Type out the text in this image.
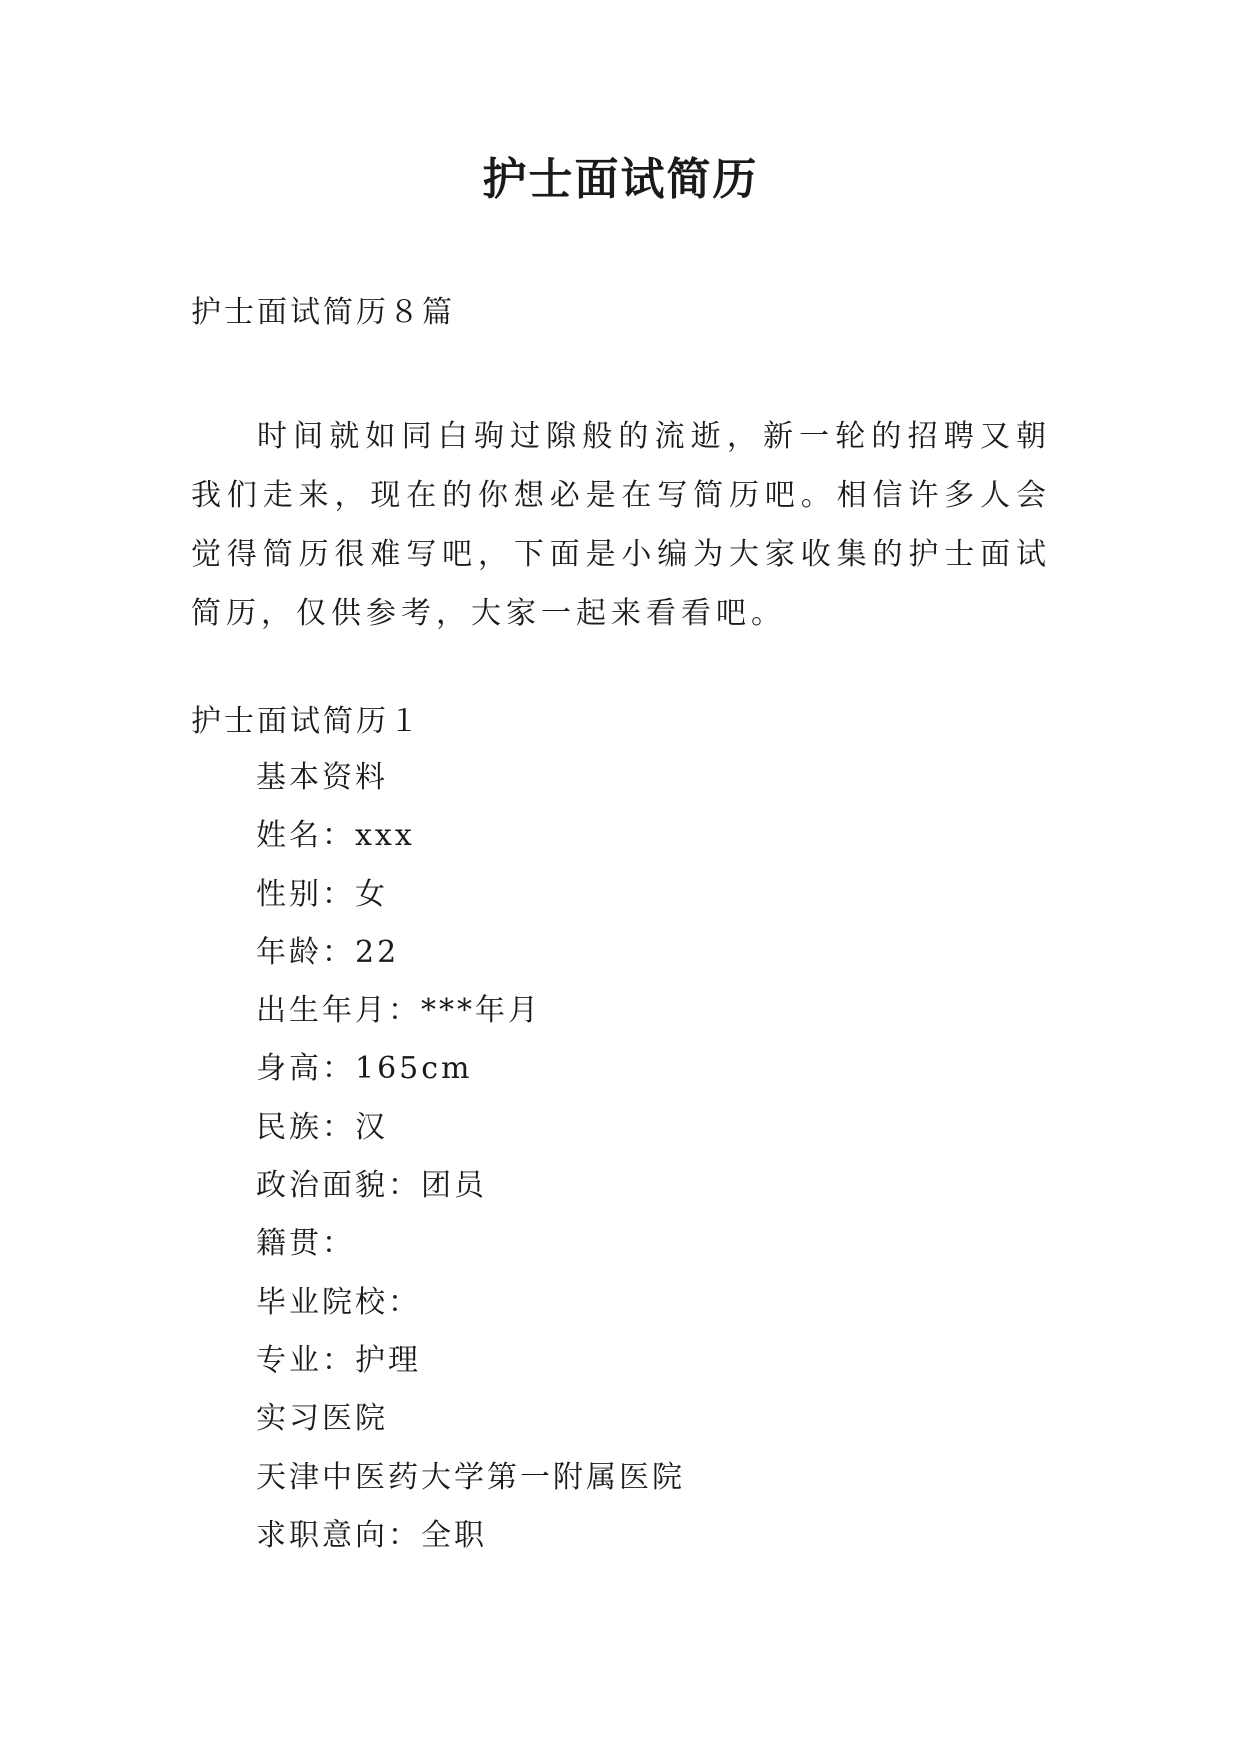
护士面试简历
护士面试简历８篇

时间就如同白驹过隙般的流逝，新一轮的招聘又朝我们走来，现在的你想必是在写简历吧。相信许多人会觉得简历很难写吧，下面是小编为大家收集的护士面试简历，仅供参考，大家一起来看看吧。

护士面试简历１
基本资料
姓名：xxx
性别：女
年龄：22
出生年月：***年月
身高：165cm
民族：汉
政治面貌：团员
籍贯：
毕业院校：
专业：护理
实习医院
天津中医药大学第一附属医院
求职意向：全职
